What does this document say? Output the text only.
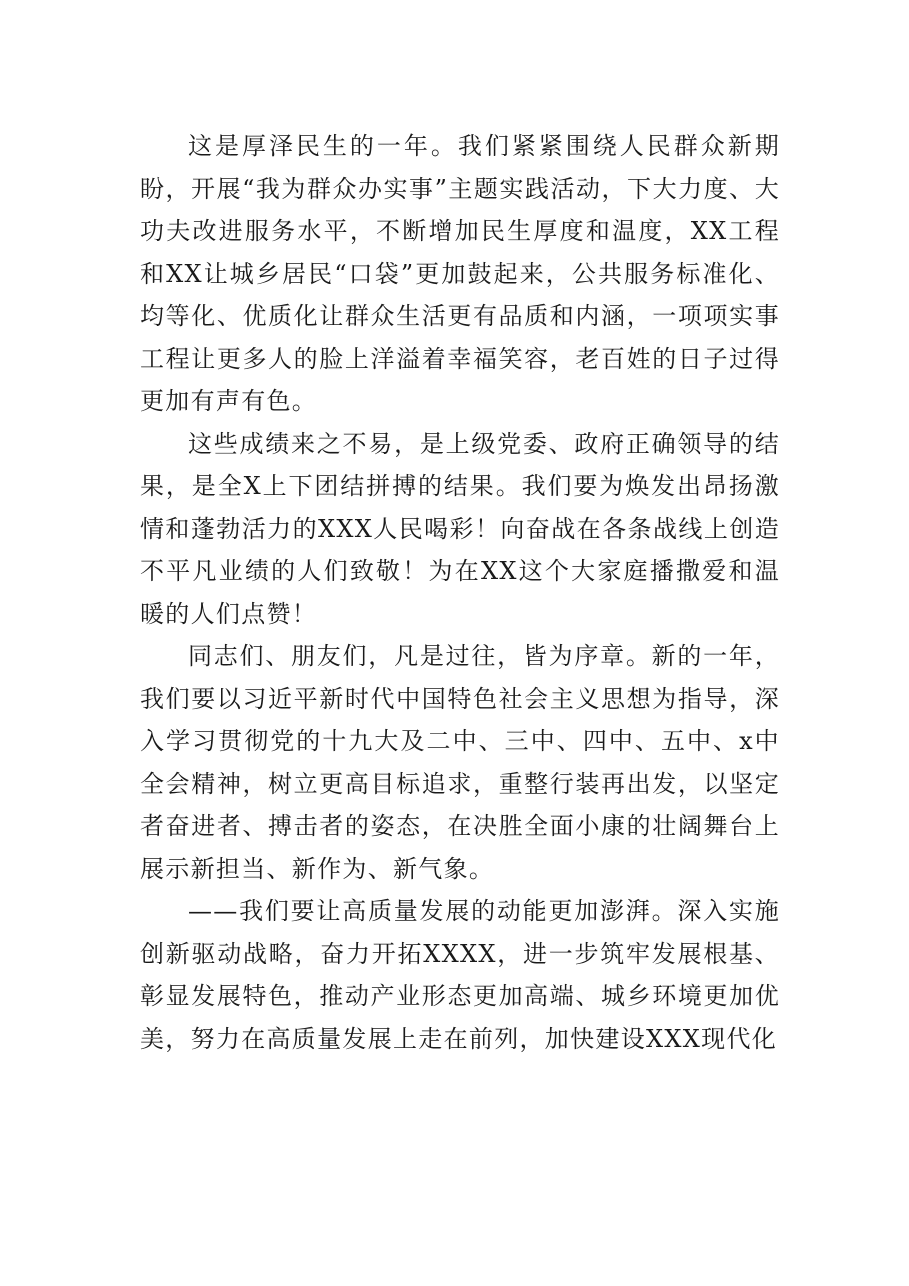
这是厚泽民生的一年。我们紧紧围绕人民群众新期盼，开展“我为群众办实事”主题实践活动，下大力度、大功夫改进服务水平，不断增加民生厚度和温度，XX工程和XX让城乡居民“口袋”更加鼓起来，公共服务标准化、均等化、优质化让群众生活更有品质和内涵，一项项实事工程让更多人的脸上洋溢着幸福笑容，老百姓的日子过得更加有声有色。

这些成绩来之不易，是上级党委、政府正确领导的结果，是全X上下团结拼搏的结果。我们要为焕发出昂扬激情和蓬勃活力的XXX人民喝彩！向奋战在各条战线上创造不平凡业绩的人们致敬！为在XX这个大家庭播撒爱和温暖的人们点赞！

同志们、朋友们，凡是过往，皆为序章。新的一年，我们要以习近平新时代中国特色社会主义思想为指导，深入学习贯彻党的十九大及二中、三中、四中、五中、x中全会精神，树立更高目标追求，重整行装再出发，以坚定者奋进者、搏击者的姿态，在决胜全面小康的壮阔舞台上展示新担当、新作为、新气象。

——我们要让高质量发展的动能更加澎湃。深入实施创新驱动战略，奋力开拓XXXX，进一步筑牢发展根基、彰显发展特色，推动产业形态更加高端、城乡环境更加优美，努力在高质量发展上走在前列，加快建设XXX现代化
